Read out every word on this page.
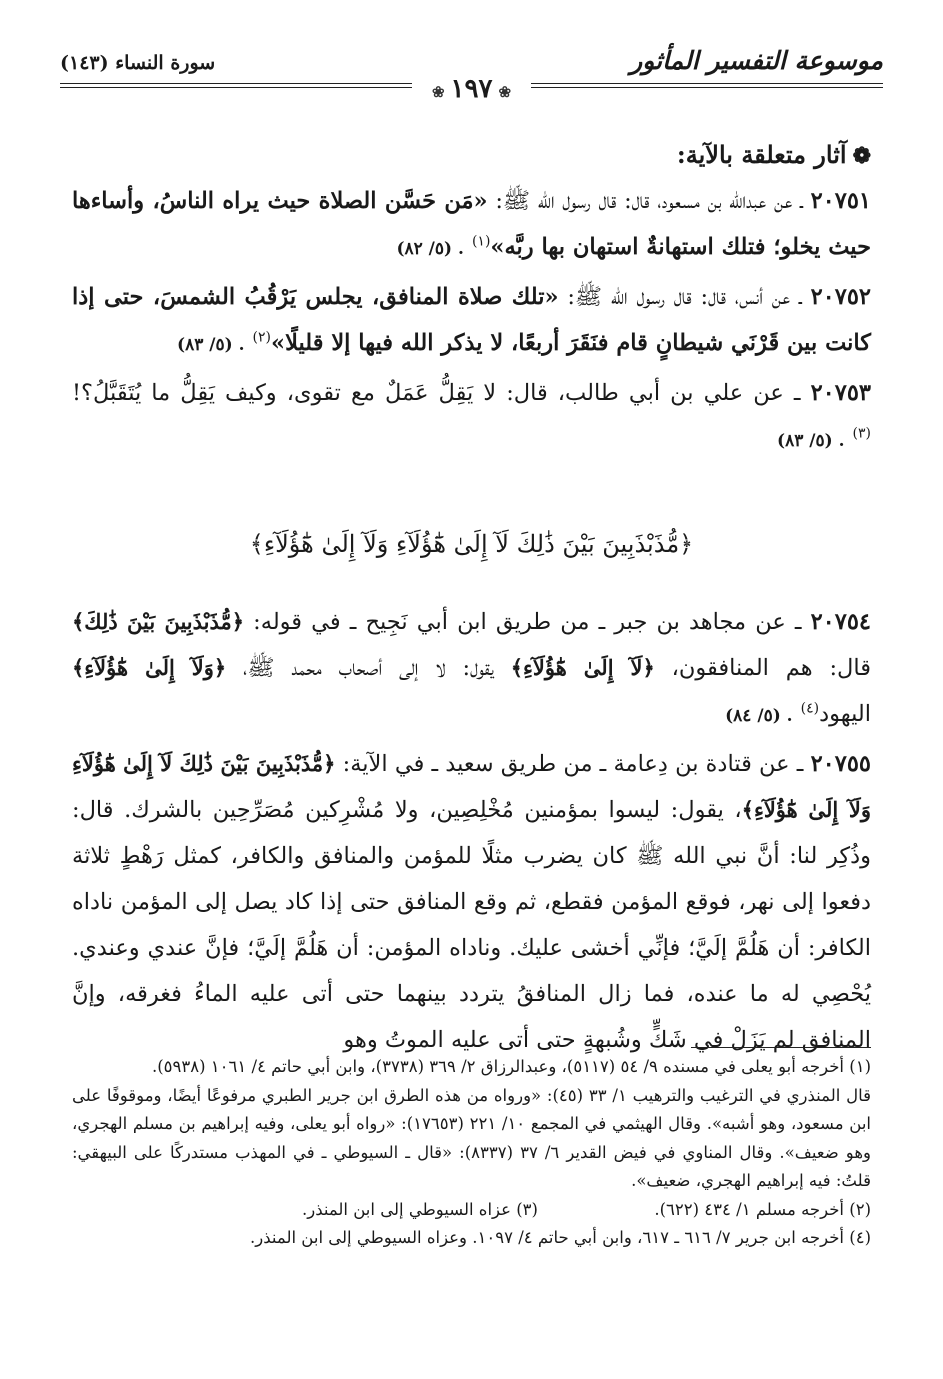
موسوعة التفسير المأثور
سورة النساء (١٤٣)
❀١٩٧❀
❁آثار متعلقة بالآية:
٢٠٧٥١ ـ عن عبدالله بن مسعود، قال: قال رسول الله ﷺ: «مَن حَسَّن الصلاة حيث يراه الناسُ، وأساءها حيث يخلو؛ فتلك استهانةٌ استهان بها ربَّه»$^{(١)}$. (٥/ ٨٢)
٢٠٧٥٢ ـ عن أنس، قال: قال رسول الله ﷺ: «تلك صلاة المنافق، يجلس يَرْقُبُ الشمسَ، حتى إذا كانت بين قَرْنَي شيطانٍ قام فنَقَرَ أربعًا، لا يذكر الله فيها إلا قليلًا»$^{(٢)}$. (٥/ ٨٣)
٢٠٧٥٣ ـ عن علي بن أبي طالب، قال: لا يَقِلُّ عَمَلٌ مع تقوى، وكيف يَقِلُّ ما يُتَقَبَّلُ؟!$^{(٣)}$. (٥/ ٨٣)
﴿مُّذَبْذَبِينَ بَيْنَ ذَٰلِكَ لَآ إِلَىٰ هَٰٓؤُلَآءِ وَلَآ إِلَىٰ هَٰٓؤُلَآءِ﴾
٢٠٧٥٤ ـ عن مجاهد بن جبر ـ من طريق ابن أبي نَجِيح ـ في قوله: ﴿مُّذَبْذَبِينَ بَيْنَ ذَٰلِكَ﴾ قال: هم المنافقون، ﴿لَآ إِلَىٰ هَٰٓؤُلَآءِ﴾ يقول: لا إلى أصحاب محمد ﷺ، ﴿وَلَآ إِلَىٰ هَٰٓؤُلَآءِ﴾ اليهود$^{(٤)}$. (٥/ ٨٤)
٢٠٧٥٥ ـ عن قتادة بن دِعامة ـ من طريق سعيد ـ في الآية: ﴿مُّذَبْذَبِينَ بَيْنَ ذَٰلِكَ لَآ إِلَىٰ هَٰٓؤُلَآءِ وَلَآ إِلَىٰ هَٰٓؤُلَآءِ﴾، يقول: ليسوا بمؤمنين مُخْلِصِين، ولا مُشْرِكين مُصَرِّحِين بالشرك. قال: وذُكِر لنا: أنَّ نبي الله ﷺ كان يضرب مثلًا للمؤمن والمنافق والكافر، كمثل رَهْطٍ ثلاثة دفعوا إلى نهر، فوقع المؤمن فقطع، ثم وقع المنافق حتى إذا كاد يصل إلى المؤمن ناداه الكافر: أن هَلُمَّ إلَيَّ؛ فإنِّي أخشى عليك. وناداه المؤمن: أن هَلُمَّ إلَيَّ؛ فإنَّ عندي وعندي. يُحْصِي له ما عنده، فما زال المنافقُ يتردد بينهما حتى أتى عليه الماءُ فغرقه، وإنَّ المنافق لم يَزَلْ في شَكٍّ وشُبهةٍ حتى أتى عليه الموتُ وهو

(١) أخرجه أبو يعلى في مسنده ٩/ ٥٤ (٥١١٧)، وعبدالرزاق ٢/ ٣٦٩ (٣٧٣٨)، وابن أبي حاتم ٤/ ١٠٦١ (٥٩٣٨).

قال المنذري في الترغيب والترهيب ١/ ٣٣ (٤٥): «ورواه من هذه الطرق ابن جرير الطبري مرفوعًا أيضًا، وموقوفًا على ابن مسعود، وهو أشبه». وقال الهيثمي في المجمع ١٠/ ٢٢١ (١٧٦٥٣): «رواه أبو يعلى، وفيه إبراهيم بن مسلم الهجري، وهو ضعيف». وقال المناوي في فيض القدير ٦/ ٣٧ (٨٣٣٧): «قال ـ السيوطي ـ في المهذب مستدركًا على البيهقي: قلتُ: فيه إبراهيم الهجري، ضعيف».

(٢) أخرجه مسلم ١/ ٤٣٤ (٦٢٢).
(٣) عزاه السيوطي إلى ابن المنذر.

(٤) أخرجه ابن جرير ٧/ ٦١٦ ـ ٦١٧، وابن أبي حاتم ٤/ ١٠٩٧. وعزاه السيوطي إلى ابن المنذر.
